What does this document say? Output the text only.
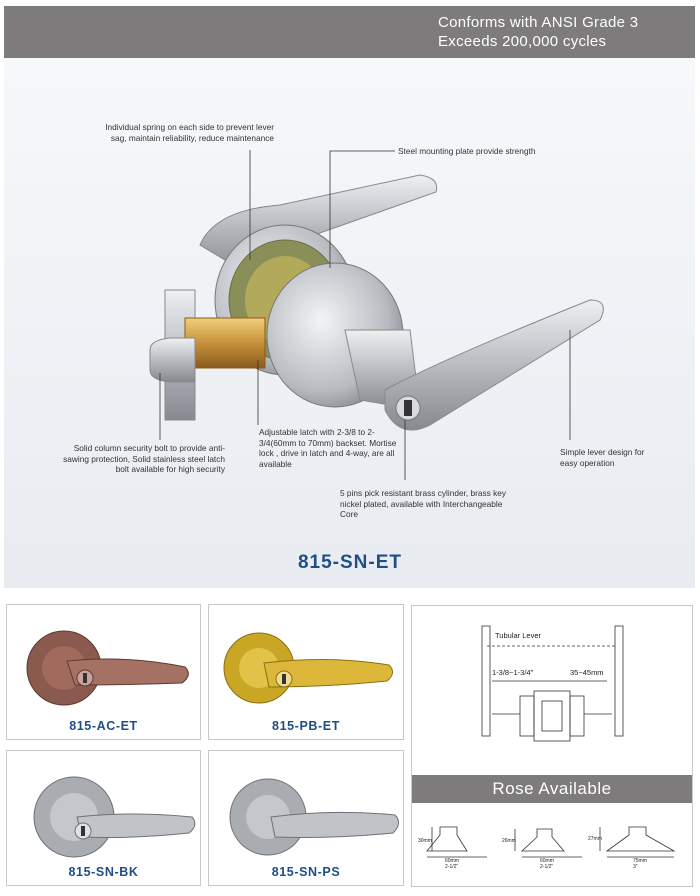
Conforms with ANSI Grade 3
Exceeds 200,000 cycles
Individual spring on each side to prevent lever sag, maintain reliability, reduce maintenance
Steel mounting plate provide strength
Solid column security bolt to provide anti-sawing protection, Solid stainless steel latch bolt available for high security
Adjustable latch with 2-3/8 to 2-3/4(60mm to 70mm) backset. Mortise lock , drive in latch and 4-way, are all available
Simple lever design for easy operation
5 pins pick resistant brass cylinder, brass key nickel plated, available with Interchangeable Core
815-SN-ET
815-AC-ET	815-PB-ET
815-SN-BK	815-SN-PS
Tubular Lever
1-3/8~1-3/4"	35~45mm
Rose Available
30mm
60mm
2-1/2"
26mm
60mm
2-1/2"
27mm
75mm
3"
